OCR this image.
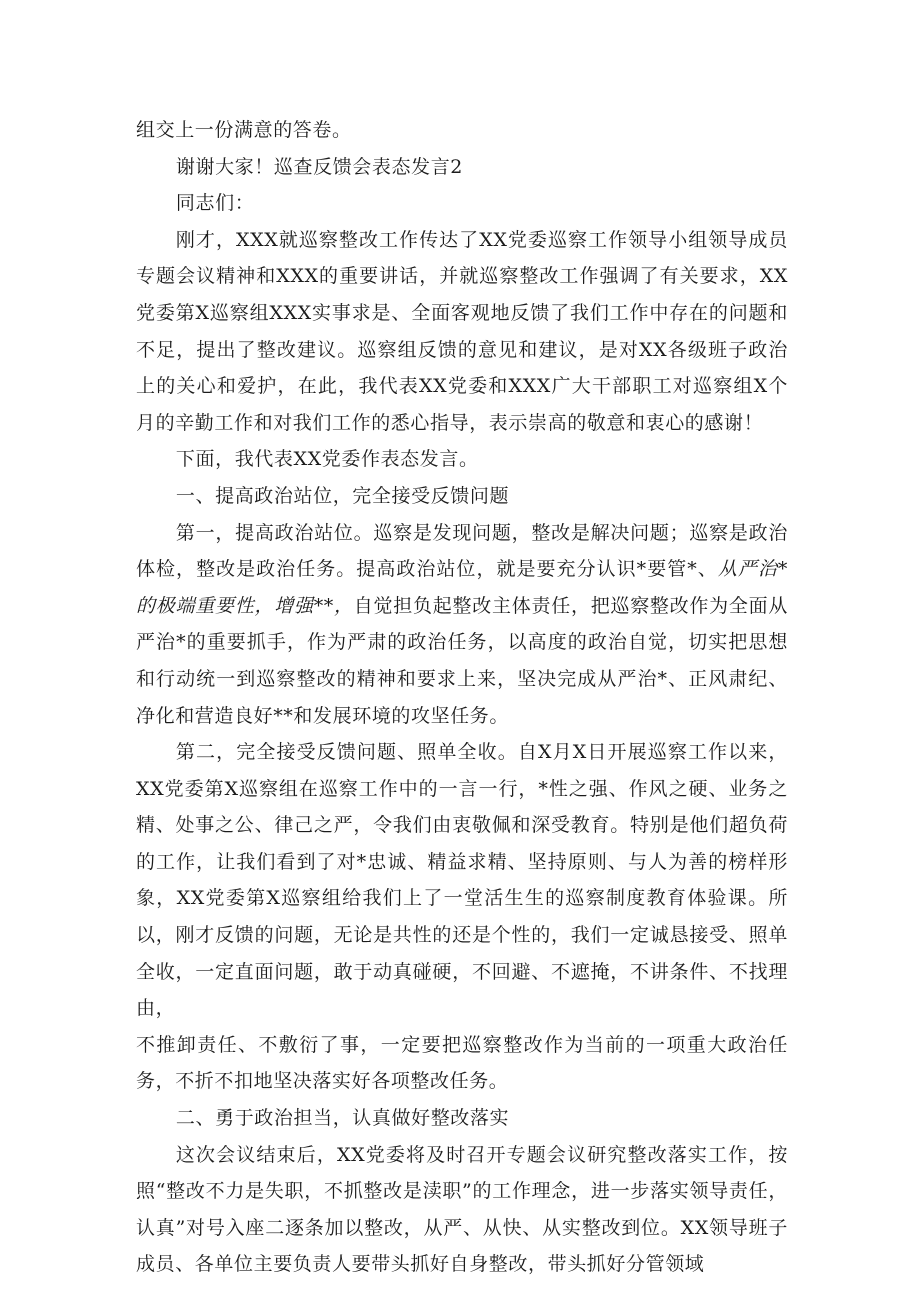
组交上一份满意的答卷。

谢谢大家！巡查反馈会表态发言2

同志们：

刚才，XXX就巡察整改工作传达了XX党委巡察工作领导小组领导成员专题会议精神和XXX的重要讲话，并就巡察整改工作强调了有关要求，XX党委第X巡察组XXX实事求是、全面客观地反馈了我们工作中存在的问题和不足，提出了整改建议。巡察组反馈的意见和建议，是对XX各级班子政治上的关心和爱护，在此，我代表XX党委和XXX广大干部职工对巡察组X个月的辛勤工作和对我们工作的悉心指导，表示崇高的敬意和衷心的感谢！

下面，我代表XX党委作表态发言。

一、提高政治站位，完全接受反馈问题

第一，提高政治站位。巡察是发现问题，整改是解决问题；巡察是政治体检，整改是政治任务。提高政治站位，就是要充分认识*要管*、从严治*的极端重要性，增强**，自觉担负起整改主体责任，把巡察整改作为全面从严治*的重要抓手，作为严肃的政治任务，以高度的政治自觉，切实把思想和行动统一到巡察整改的精神和要求上来，坚决完成从严治*、正风肃纪、净化和营造良好**和发展环境的攻坚任务。

第二，完全接受反馈问题、照单全收。自X月X日开展巡察工作以来，XX党委第X巡察组在巡察工作中的一言一行，*性之强、作风之硬、业务之精、处事之公、律己之严，令我们由衷敬佩和深受教育。特别是他们超负荷的工作，让我们看到了对*忠诚、精益求精、坚持原则、与人为善的榜样形象，XX党委第X巡察组给我们上了一堂活生生的巡察制度教育体验课。所以，刚才反馈的问题，无论是共性的还是个性的，我们一定诚恳接受、照单全收，一定直面问题，敢于动真碰硬，不回避、不遮掩，不讲条件、不找理由，

不推卸责任、不敷衍了事，一定要把巡察整改作为当前的一项重大政治任务，不折不扣地坚决落实好各项整改任务。

二、勇于政治担当，认真做好整改落实

这次会议结束后，XX党委将及时召开专题会议研究整改落实工作，按照“整改不力是失职，不抓整改是渎职”的工作理念，进一步落实领导责任，认真”对号入座二逐条加以整改，从严、从快、从实整改到位。XX领导班子成员、各单位主要负责人要带头抓好自身整改，带头抓好分管领域
